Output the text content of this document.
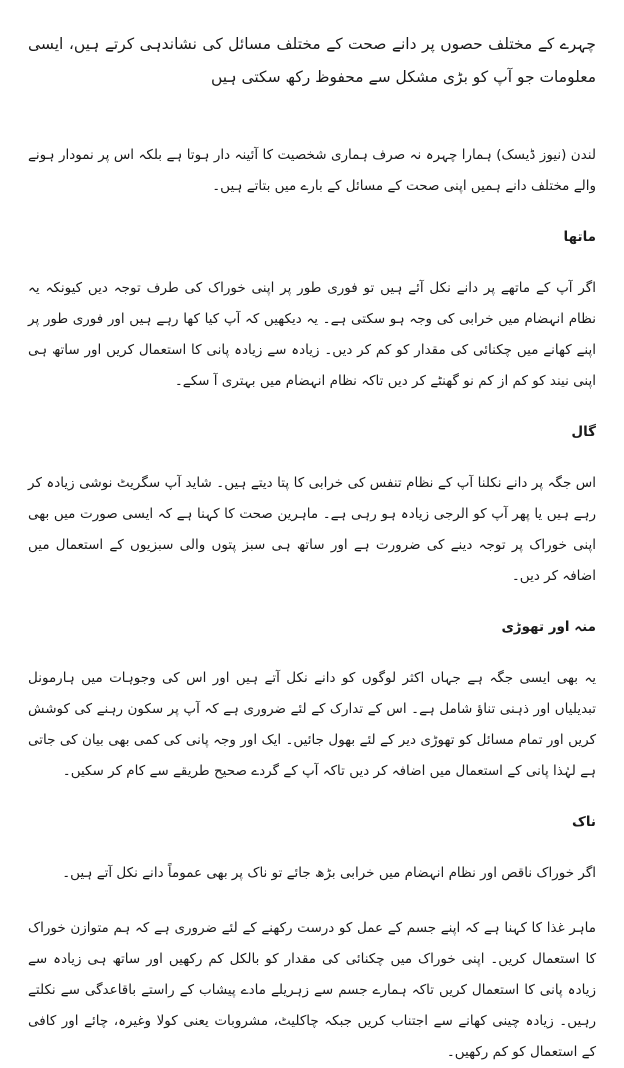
چہرے کے مختلف حصوں پر دانے صحت کے مختلف مسائل کی نشاندہی کرتے ہیں، ایسی معلومات جو آپ کو بڑی مشکل سے محفوظ رکھ سکتی ہیں

لندن (نیوز ڈیسک) ہمارا چہرہ نہ صرف ہماری شخصیت کا آئینہ دار ہوتا ہے بلکہ اس پر نمودار ہونے والے مختلف دانے ہمیں اپنی صحت کے مسائل کے بارے میں بتاتے ہیں۔

ماتھا

اگر آپ کے ماتھے پر دانے نکل آئے ہیں تو فوری طور پر اپنی خوراک کی طرف توجہ دیں کیونکہ یہ نظام انہضام میں خرابی کی وجہ ہو سکتی ہے۔ یہ دیکھیں کہ آپ کیا کھا رہے ہیں اور فوری طور پر اپنے کھانے میں چکنائی کی مقدار کو کم کر دیں۔ زیادہ سے زیادہ پانی کا استعمال کریں اور ساتھ ہی اپنی نیند کو کم از کم نو گھنٹے کر دیں تاکہ نظام انہضام میں بہتری آ سکے۔

گال

اس جگہ پر دانے نکلنا آپ کے نظام تنفس کی خرابی کا پتا دیتے ہیں۔ شاید آپ سگریٹ نوشی زیادہ کر رہے ہیں یا پھر آپ کو الرجی زیادہ ہو رہی ہے۔ ماہرین صحت کا کہنا ہے کہ ایسی صورت میں بھی اپنی خوراک پر توجہ دینے کی ضرورت ہے اور ساتھ ہی سبز پتوں والی سبزیوں کے استعمال میں اضافہ کر دیں۔

منہ اور تھوڑی

یہ بھی ایسی جگہ ہے جہاں اکثر لوگوں کو دانے نکل آتے ہیں اور اس کی وجوہات میں ہارمونل تبدیلیاں اور ذہنی تناؤ شامل ہے۔ اس کے تدارک کے لئے ضروری ہے کہ آپ پر سکون رہنے کی کوشش کریں اور تمام مسائل کو تھوڑی دیر کے لئے بھول جائیں۔ ایک اور وجہ پانی کی کمی بھی بیان کی جاتی ہے لہٰذا پانی کے استعمال میں اضافہ کر دیں تاکہ آپ کے گردے صحیح طریقے سے کام کر سکیں۔

ناک

اگر خوراک ناقص اور نظام انہضام میں خرابی بڑھ جائے تو ناک پر بھی عموماً دانے نکل آتے ہیں۔

ماہر غذا کا کہنا ہے کہ اپنے جسم کے عمل کو درست رکھنے کے لئے ضروری ہے کہ ہم متوازن خوراک کا استعمال کریں۔ اپنی خوراک میں چکنائی کی مقدار کو بالکل کم رکھیں اور ساتھ ہی زیادہ سے زیادہ پانی کا استعمال کریں تاکہ ہمارے جسم سے زہریلے مادے پیشاب کے راستے باقاعدگی سے نکلتے رہیں۔ زیادہ چینی کھانے سے اجتناب کریں جبکہ چاکلیٹ، مشروبات یعنی کولا وغیرہ، چائے اور کافی کے استعمال کو کم رکھیں۔
